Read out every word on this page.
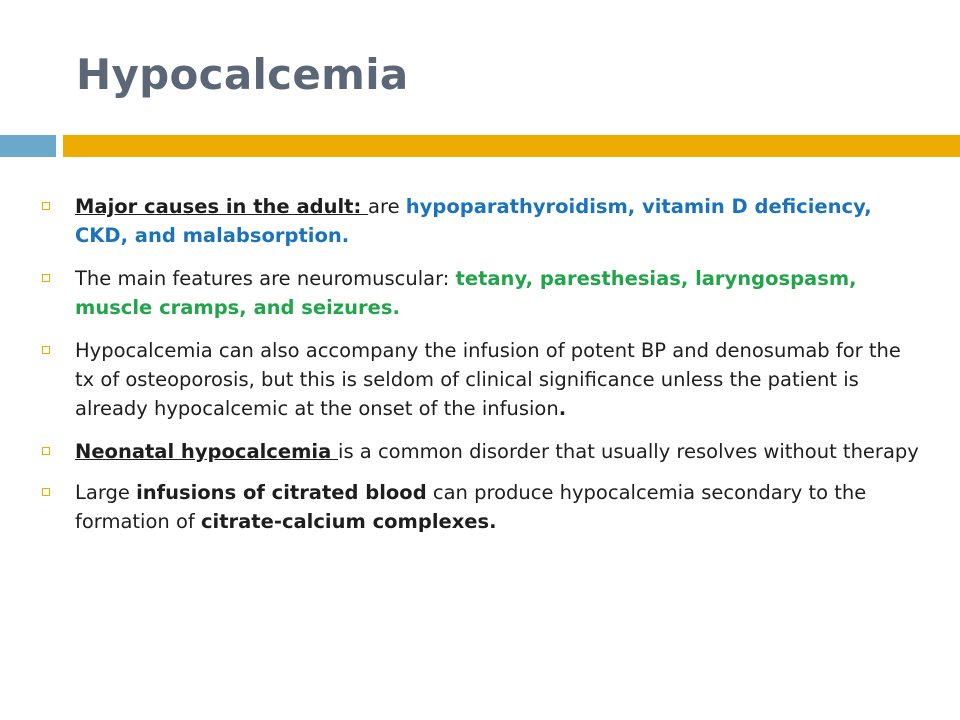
Hypocalcemia
Major causes in the adult: are hypoparathyroidism, vitamin D deficiency, CKD, and malabsorption.
The main features are neuromuscular: tetany, paresthesias, laryngospasm, muscle cramps, and seizures.
Hypocalcemia can also accompany the infusion of potent BP and denosumab for the tx of osteoporosis, but this is seldom of clinical significance unless the patient is already hypocalcemic at the onset of the infusion.
Neonatal hypocalcemia is a common disorder that usually resolves without therapy
Large infusions of citrated blood can produce hypocalcemia secondary to the formation of citrate-calcium complexes.
